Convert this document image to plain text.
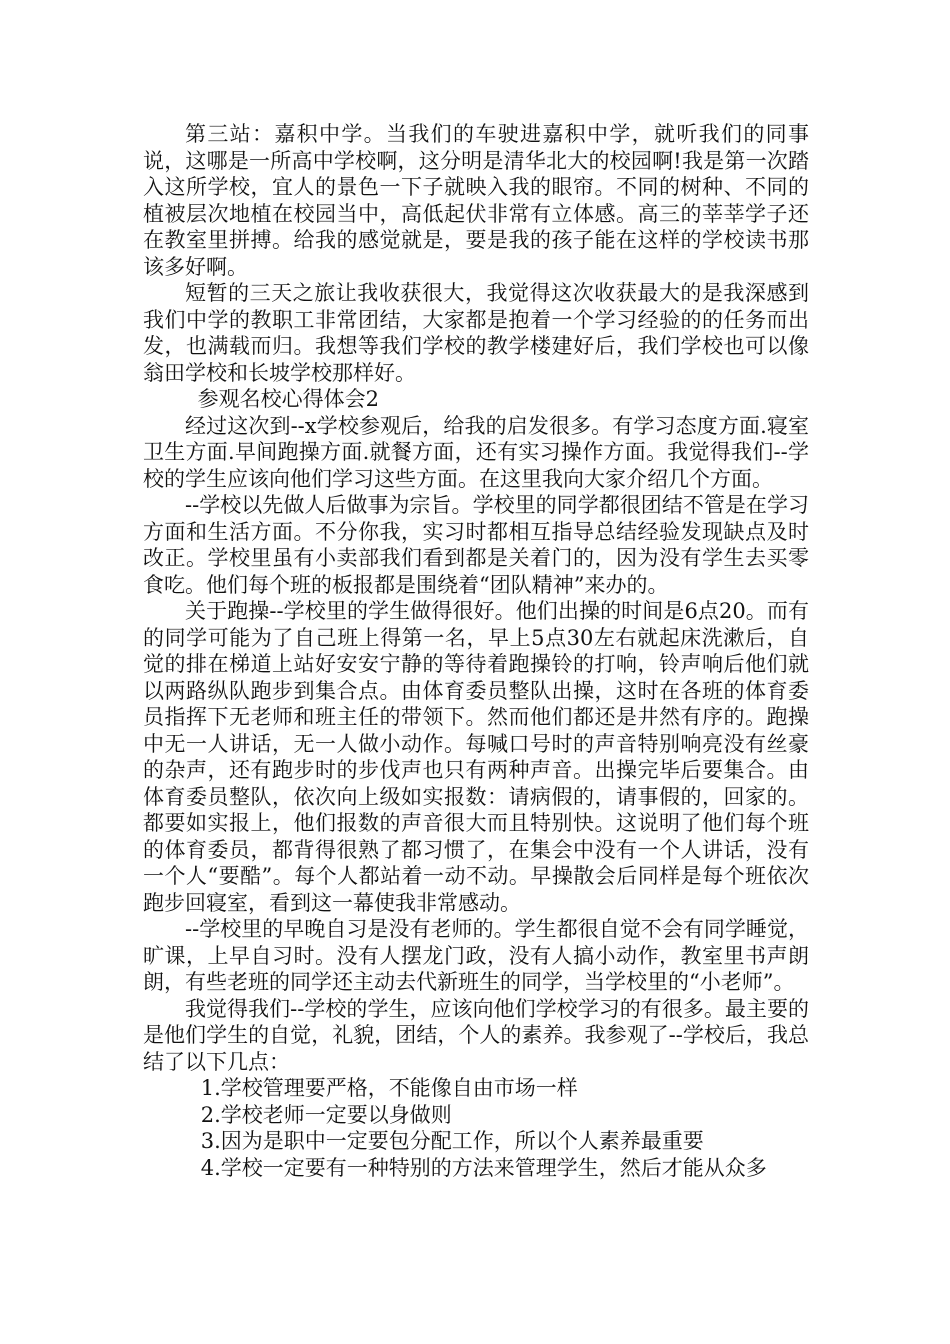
第三站：嘉积中学。当我们的车驶进嘉积中学，就听我们的同事说，这哪是一所高中学校啊，这分明是清华北大的校园啊!我是第一次踏入这所学校，宜人的景色一下子就映入我的眼帘。不同的树种、不同的植被层次地植在校园当中，高低起伏非常有立体感。高三的莘莘学子还在教室里拼搏。给我的感觉就是，要是我的孩子能在这样的学校读书那该多好啊。

短暂的三天之旅让我收获很大，我觉得这次收获最大的是我深感到我们中学的教职工非常团结，大家都是抱着一个学习经验的的任务而出发，也满载而归。我想等我们学校的教学楼建好后，我们学校也可以像翁田学校和长坡学校那样好。

参观名校心得体会2

经过这次到--x学校参观后，给我的启发很多。有学习态度方面.寝室卫生方面.早间跑操方面.就餐方面，还有实习操作方面。我觉得我们--学校的学生应该向他们学习这些方面。在这里我向大家介绍几个方面。

--学校以先做人后做事为宗旨。学校里的同学都很团结不管是在学习方面和生活方面。不分你我，实习时都相互指导总结经验发现缺点及时改正。学校里虽有小卖部我们看到都是关着门的，因为没有学生去买零食吃。他们每个班的板报都是围绕着“团队精神”来办的。

关于跑操--学校里的学生做得很好。他们出操的时间是6点20。而有的同学可能为了自己班上得第一名，早上5点30左右就起床洗漱后，自觉的排在梯道上站好安安宁静的等待着跑操铃的打响，铃声响后他们就以两路纵队跑步到集合点。由体育委员整队出操，这时在各班的体育委员指挥下无老师和班主任的带领下。然而他们都还是井然有序的。跑操中无一人讲话，无一人做小动作。每喊口号时的声音特别响亮没有丝豪的杂声，还有跑步时的步伐声也只有两种声音。出操完毕后要集合。由体育委员整队，依次向上级如实报数：请病假的，请事假的，回家的。都要如实报上，他们报数的声音很大而且特别快。这说明了他们每个班的体育委员，都背得很熟了都习惯了，在集会中没有一个人讲话，没有一个人“要酷”。每个人都站着一动不动。早操散会后同样是每个班依次跑步回寝室，看到这一幕使我非常感动。

--学校里的早晚自习是没有老师的。学生都很自觉不会有同学睡觉，旷课，上早自习时。没有人摆龙门政，没有人搞小动作，教室里书声朗朗，有些老班的同学还主动去代新班生的同学，当学校里的“小老师”。

我觉得我们--学校的学生，应该向他们学校学习的有很多。最主要的是他们学生的自觉，礼貌，团结，个人的素养。我参观了--学校后，我总结了以下几点：

1.学校管理要严格，不能像自由市场一样

2.学校老师一定要以身做则

3.因为是职中一定要包分配工作，所以个人素养最重要

4.学校一定要有一种特别的方法来管理学生，然后才能从众多
